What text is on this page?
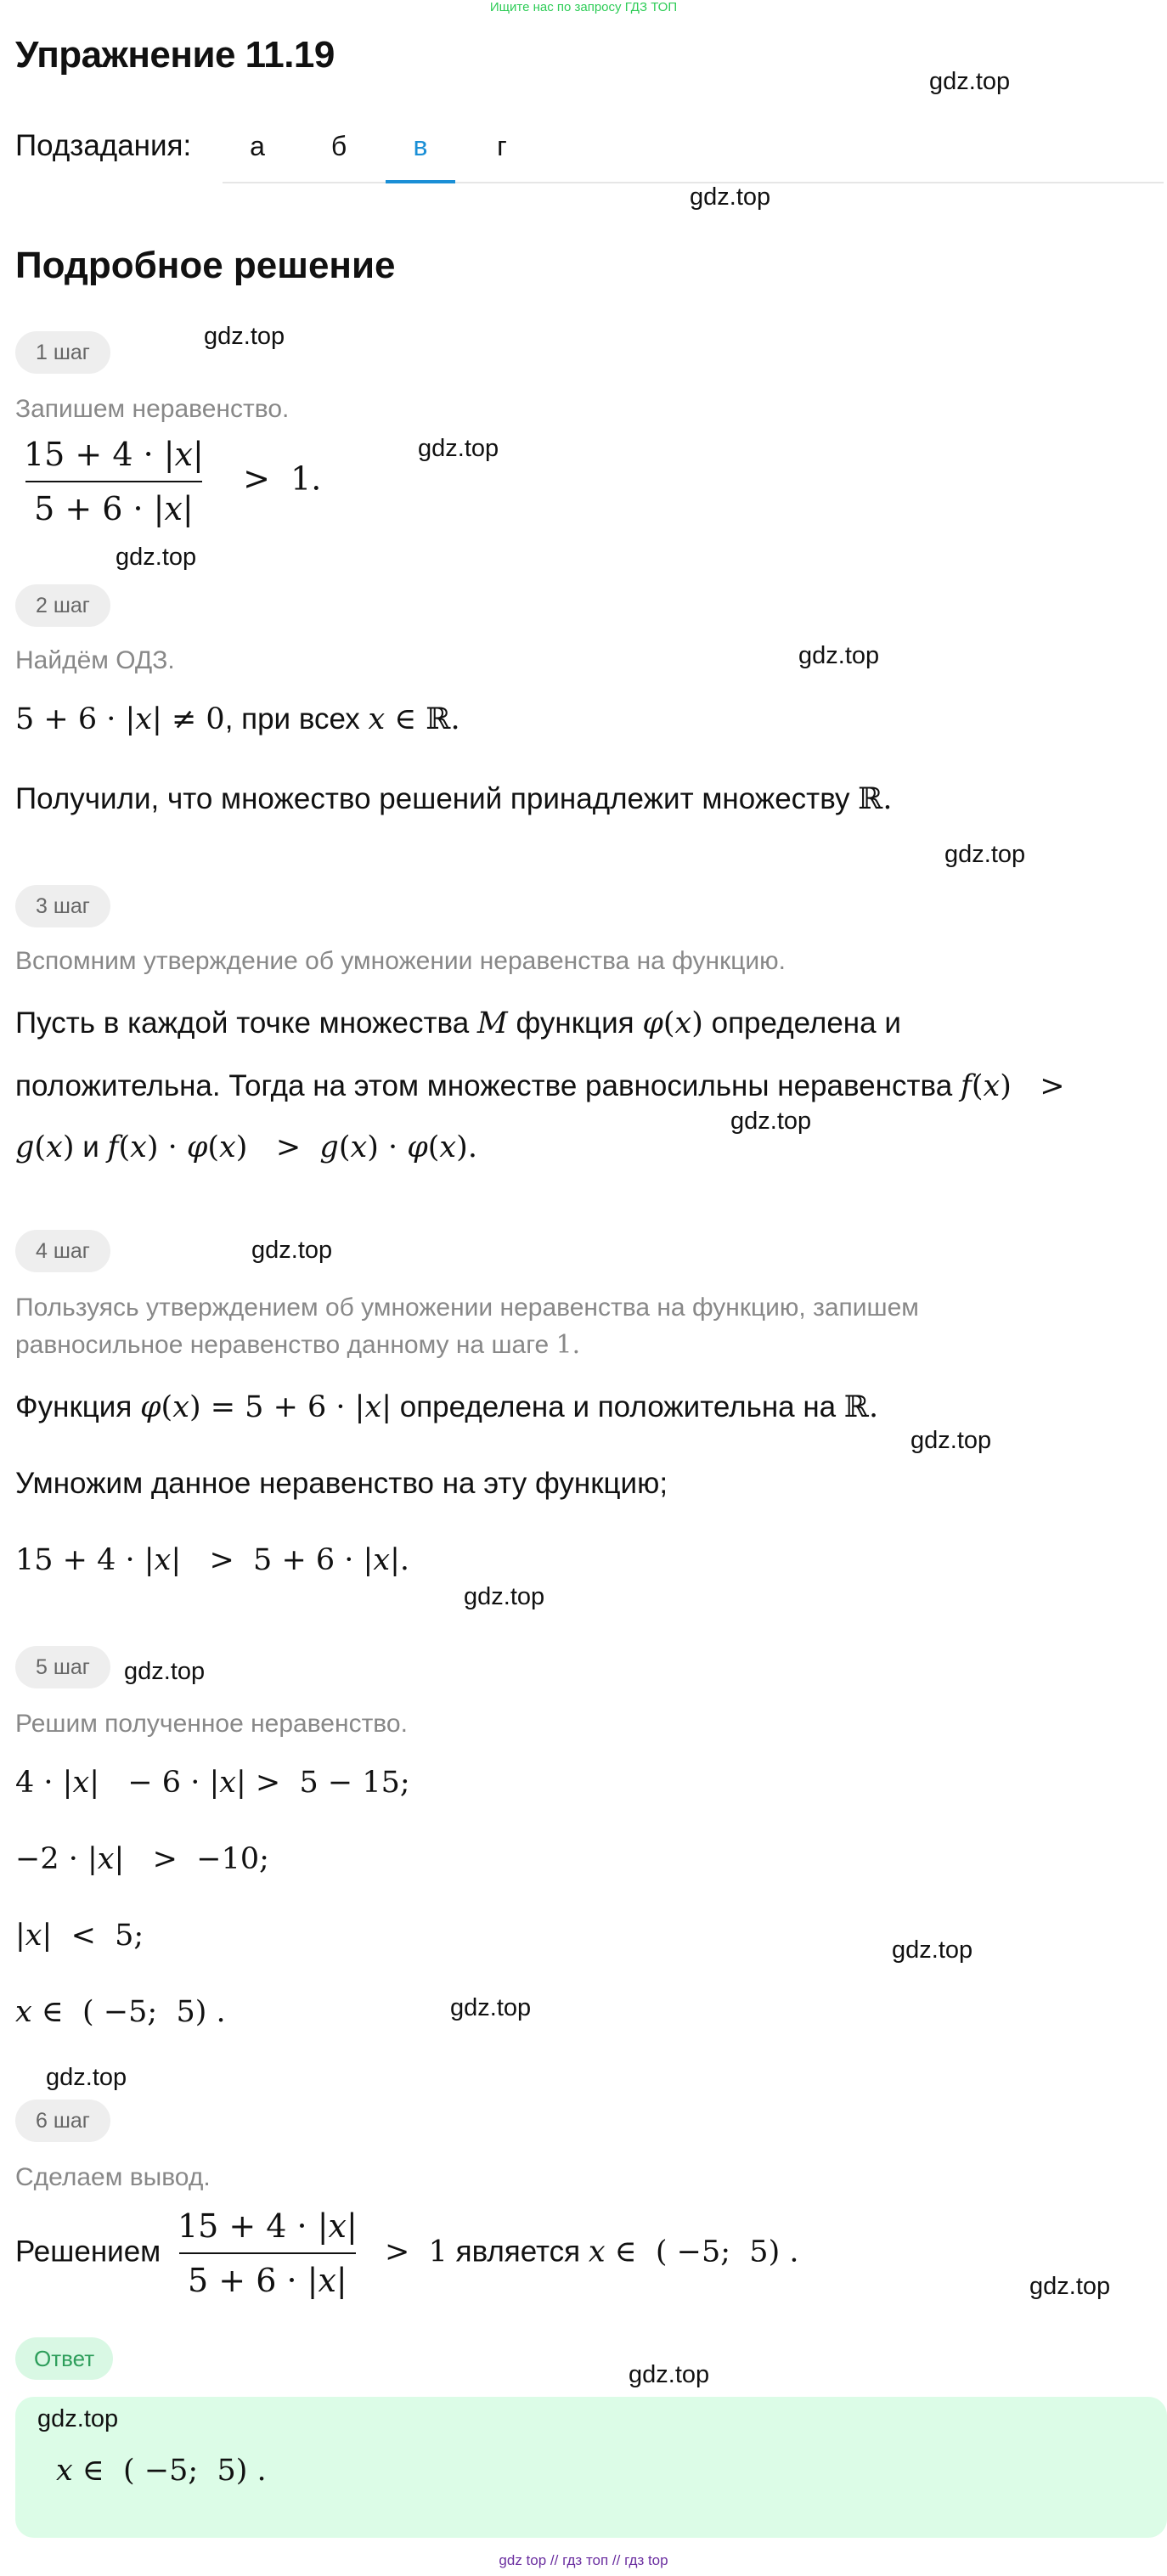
Ищите нас по запросу ГДЗ ТОП
Упражнение 11.19
gdz.top
Подзадания:	а	б	в	г
gdz.top
Подробное решение
1 шаг
gdz.top
Запишем неравенство.
$\frac{15 + 4 \cdot |x|}{5 + 6 \cdot |x|} > 1$.
gdz.top
gdz.top
2 шаг
Найдём ОДЗ.	gdz.top
5 + 6 · |x| ≠ 0, при всех x ∈ ℝ.
Получили, что множество решений принадлежит множеству ℝ.
gdz.top
3 шаг
Вспомним утверждение об умножении неравенства на функцию.
Пусть в каждой точке множества M функция φ(x) определена и
положительна. Тогда на этом множестве равносильны неравенства f(x)   >
gdz.top
g(x) и f(x) · φ(x)   >  g(x) · φ(x).
4 шаг	gdz.top
Пользуясь утверждением об умножении неравенства на функцию, запишем
равносильное неравенство данному на шаге 1.
Функция φ(x) = 5 + 6 · |x| определена и положительна на ℝ.
gdz.top
Умножим данное неравенство на эту функцию;
15 + 4 · |x|   >  5 + 6 · |x|.
gdz.top
5 шаг	gdz.top
Решим полученное неравенство.
4 · |x|   − 6 · |x| >  5 − 15;
−2 · |x|   >  −10;
|x|  <  5;	gdz.top
x ∈  ( −5;  5) .	gdz.top
gdz.top
6 шаг
Сделаем вывод.
Решением $\frac{15 + 4 \cdot |x|}{5 + 6 \cdot |x|} > 1$ является x ∈  ( −5;  5) .
gdz.top
Ответ
gdz.top
gdz.top
x ∈  ( −5;  5) .
gdz top // гдз топ // гдз top
